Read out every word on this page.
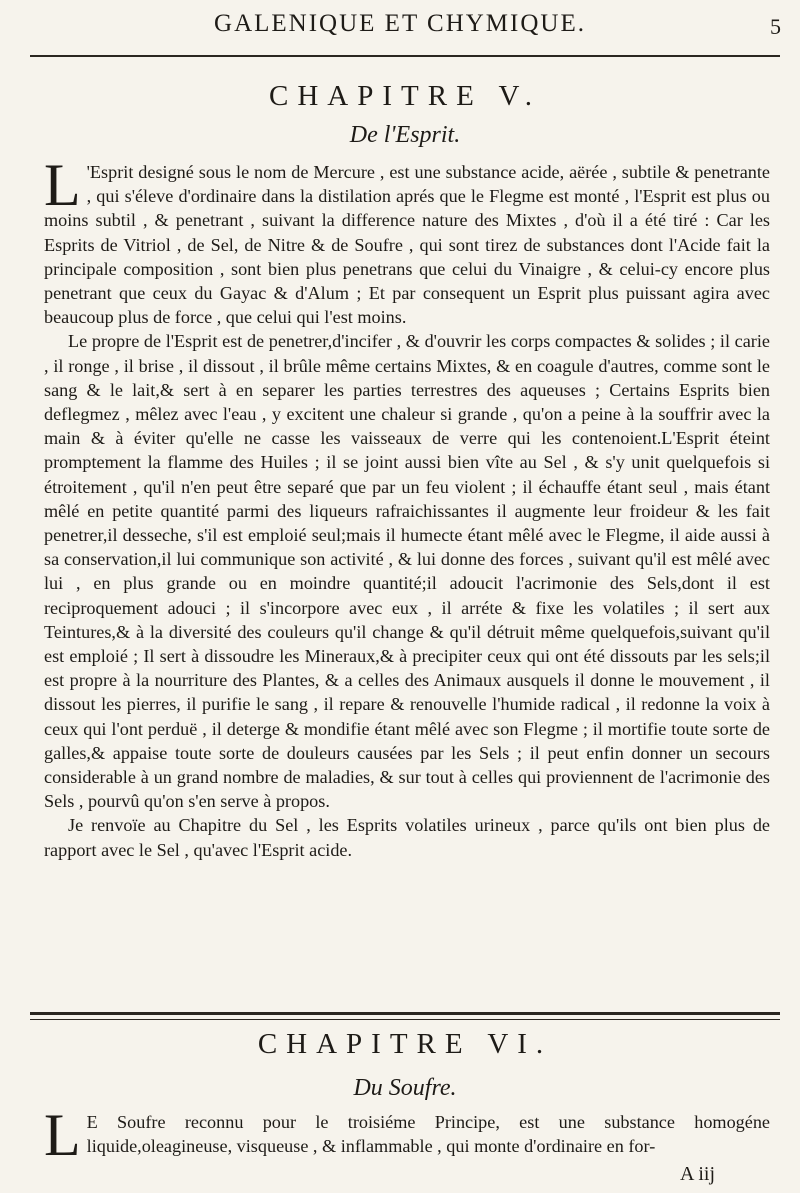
GALENIQUE ET CHYMIQUE.	5
CHAPITRE V.
De l'Esprit.

L 'Esprit designé sous le nom de Mercure , est une substance acide, aërée , subtile & penetrante , qui s'éleve d'ordinaire dans la distilation aprés que le Flegme est monté , l'Esprit est plus ou moins subtil , & penetrant , suivant la difference nature des Mixtes , d'où il a été tiré : Car les Esprits de Vitriol , de Sel, de Nitre & de Soufre , qui sont tirez de substances dont l'Acide fait la principale composition , sont bien plus penetrans que celui du Vinaigre , & celui-cy encore plus penetrant que ceux du Gayac & d'Alum ; Et par consequent un Esprit plus puissant agira avec beaucoup plus de force , que celui qui l'est moins.

Le propre de l'Esprit est de penetrer,d'incifer , & d'ouvrir les corps compactes & solides ; il carie , il ronge , il brise , il dissout , il brûle même certains Mixtes, & en coagule d'autres, comme sont le sang & le lait,& sert à en separer les parties terrestres des aqueuses ; Certains Esprits bien deflegmez , mêlez avec l'eau , y excitent une chaleur si grande , qu'on a peine à la souffrir avec la main & à éviter qu'elle ne casse les vaisseaux de verre qui les contenoient.L'Esprit éteint promptement la flamme des Huiles ; il se joint aussi bien vîte au Sel , & s'y unit quelquefois si étroitement , qu'il n'en peut être separé que par un feu violent ; il échauffe étant seul , mais étant mêlé en petite quantité parmi des liqueurs rafraichissantes il augmente leur froideur & les fait penetrer,il desseche, s'il est emploié seul;mais il humecte étant mêlé avec le Flegme, il aide aussi à sa conservation,il lui communique son activité , & lui donne des forces , suivant qu'il est mêlé avec lui , en plus grande ou en moindre quantité;il adoucit l'acrimonie des Sels,dont il est reciproquement adouci ; il s'incorpore avec eux , il arréte & fixe les volatiles ; il sert aux Teintures,& à la diversité des couleurs qu'il change & qu'il détruit même quelquefois,suivant qu'il est emploié ; Il sert à dissoudre les Mineraux,& à precipiter ceux qui ont été dissouts par les sels;il est propre à la nourriture des Plantes, & a celles des Animaux ausquels il donne le mouvement , il dissout les pierres, il purifie le sang , il repare & renouvelle l'humide radical , il redonne la voix à ceux qui l'ont perduë , il deterge & mondifie étant mêlé avec son Flegme ; il mortifie toute sorte de galles,& appaise toute sorte de douleurs causées par les Sels ; il peut enfin donner un secours considerable à un grand nombre de maladies, & sur tout à celles qui proviennent de l'acrimonie des Sels , pourvû qu'on s'en serve à propos.

Je renvoïe au Chapitre du Sel , les Esprits volatiles urineux , parce qu'ils ont bien plus de rapport avec le Sel , qu'avec l'Esprit acide.

CHAPITRE VI.
Du Soufre.

L E Soufre reconnu pour le troisiéme Principe, est une substance homogéne liquide,oleagineuse, visqueuse , & inflammable , qui monte d'ordinaire en for-

A iij
